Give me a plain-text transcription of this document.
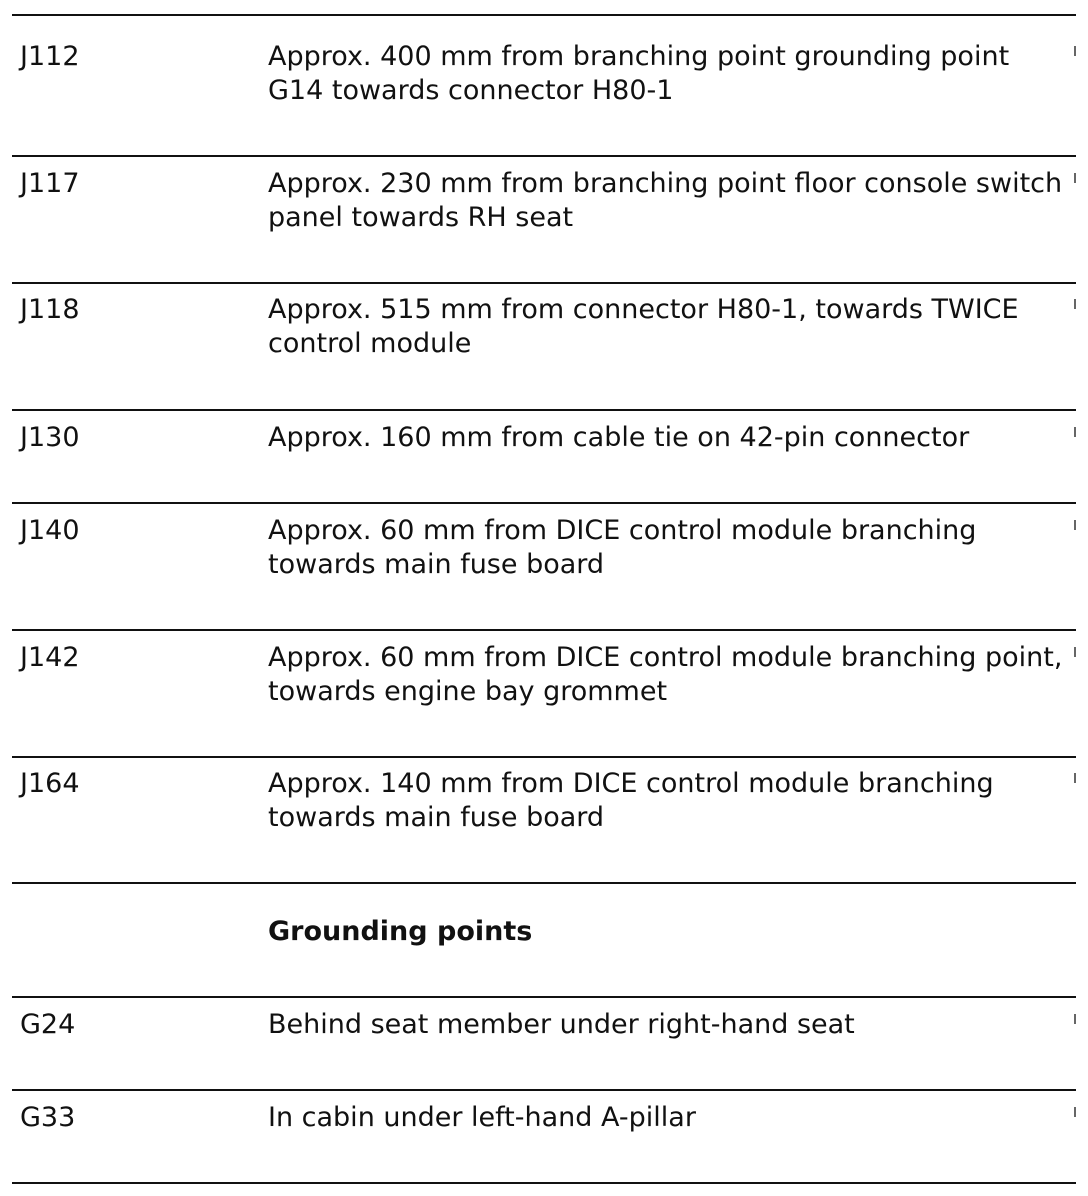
J112	Approx. 400 mm from branching point grounding point G14 towards connector H80-1
J117	Approx. 230 mm from branching point floor console switch panel towards RH seat
J118	Approx. 515 mm from connector H80-1, towards TWICE control module
J130	Approx. 160 mm from cable tie on 42-pin connector
J140	Approx. 60 mm from DICE control module branching towards main fuse board
J142	Approx. 60 mm from DICE control module branching point, towards engine bay grommet
J164	Approx. 140 mm from DICE control module branching towards main fuse board
Grounding points
G24	Behind seat member under right-hand seat
G33	In cabin under left-hand A-pillar
